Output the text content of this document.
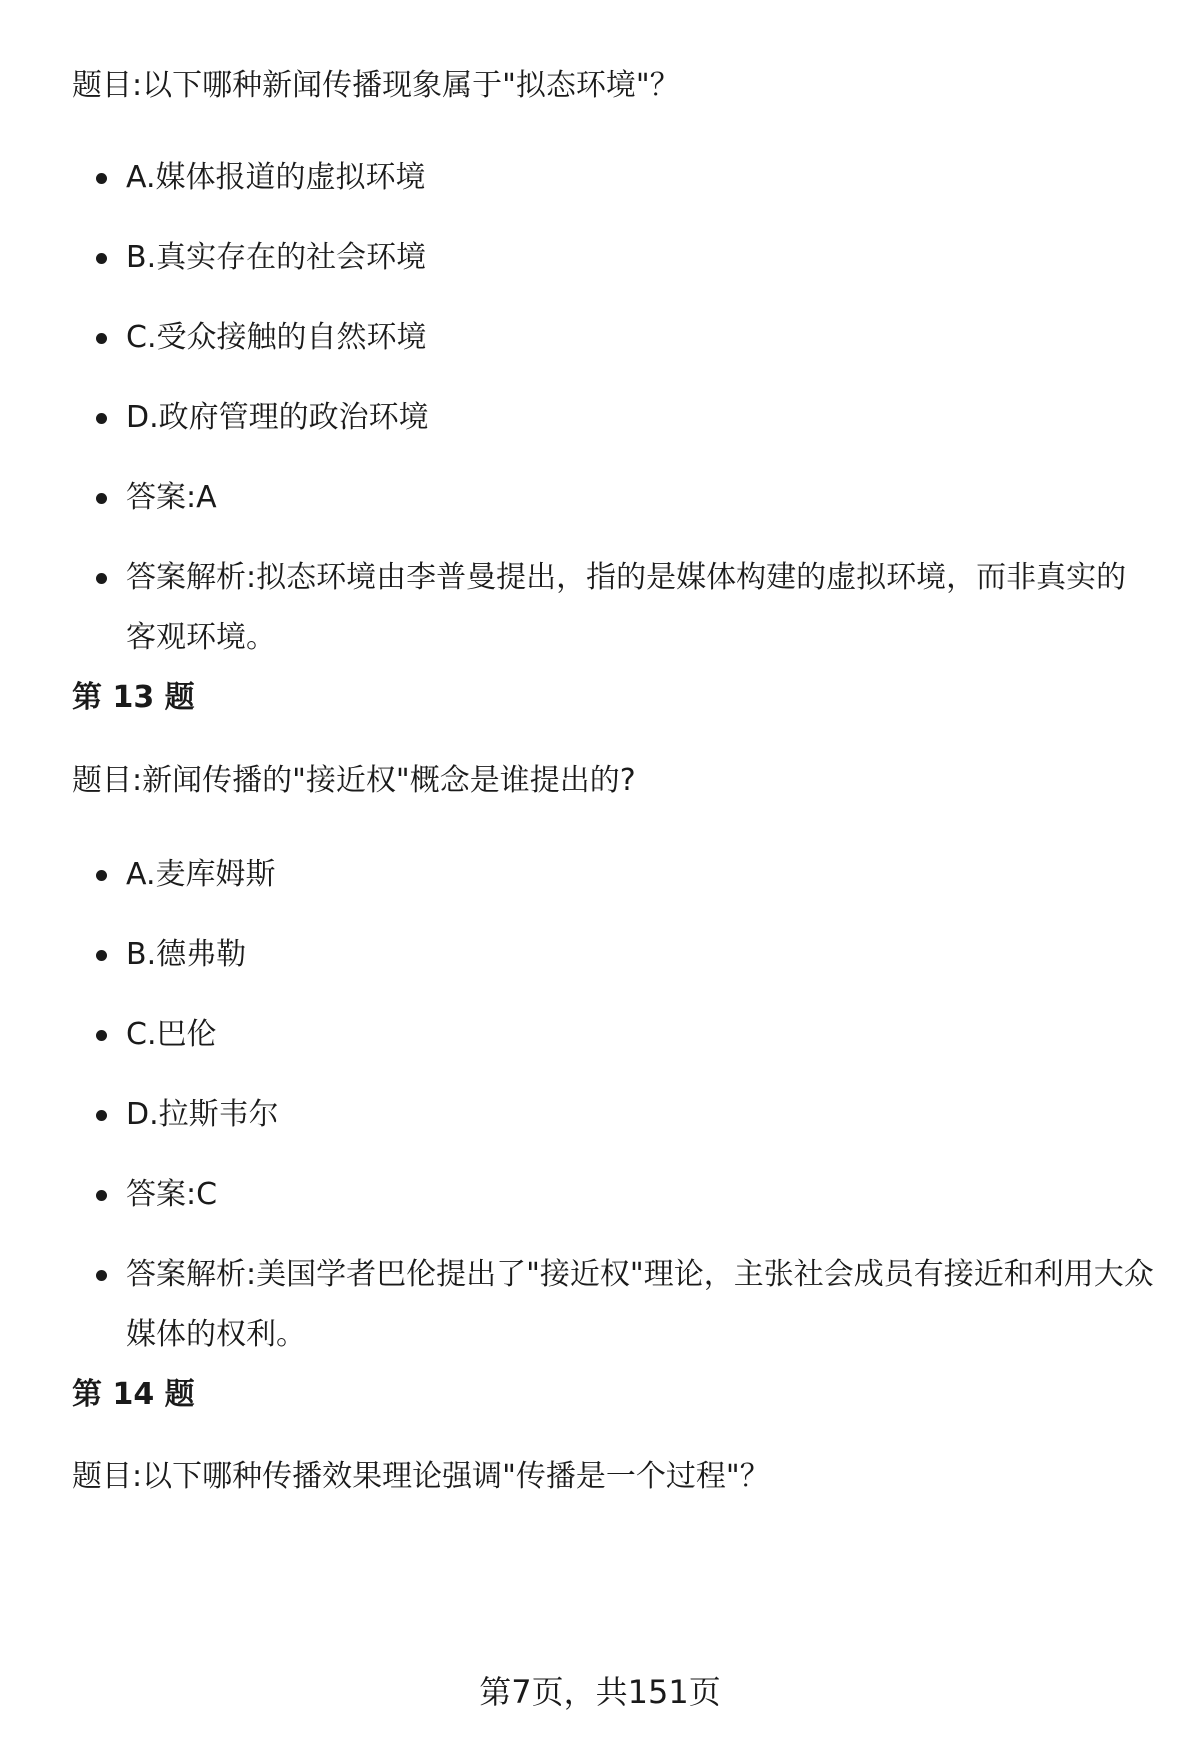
题目:以下哪种新闻传播现象属于"拟态环境"？
A.媒体报道的虚拟环境
B.真实存在的社会环境
C.受众接触的自然环境
D.政府管理的政治环境
答案:A
答案解析:拟态环境由李普曼提出，指的是媒体构建的虚拟环境，而非真实的客观环境。
第 13 题
题目:新闻传播的"接近权"概念是谁提出的?
A.麦库姆斯
B.德弗勒
C.巴伦
D.拉斯韦尔
答案:C
答案解析:美国学者巴伦提出了"接近权"理论，主张社会成员有接近和利用大众媒体的权利。
第 14 题
题目:以下哪种传播效果理论强调"传播是一个过程"？
第7页，共151页
